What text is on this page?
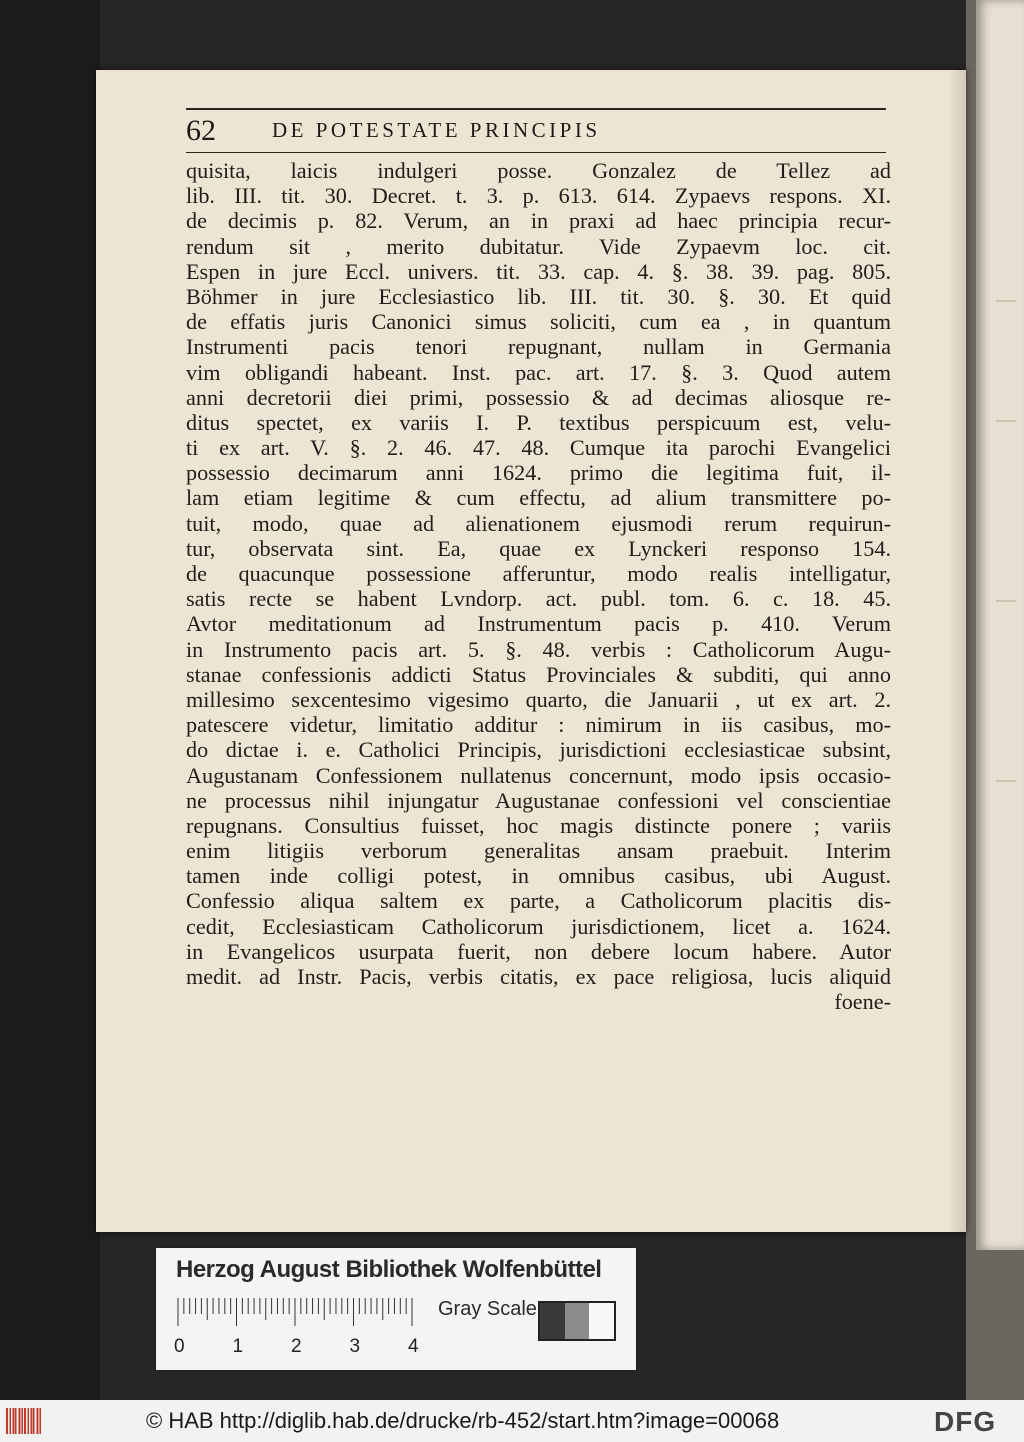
62	DE POTESTATE PRINCIPIS
quisita, laicis indulgeri posse. Gonzalez de Tellez ad
lib. III. tit. 30. Decret. t. 3. p. 613. 614. Zypaevs respons. XI.
de decimis p. 82. Verum, an in praxi ad haec principia recur-
rendum sit , merito dubitatur. Vide Zypaevm loc. cit.
Espen in jure Eccl. univers. tit. 33. cap. 4. §. 38. 39. pag. 805.
Böhmer in jure Ecclesiastico lib. III. tit. 30. §. 30. Et quid
de effatis juris Canonici simus soliciti, cum ea , in quantum
Instrumenti pacis tenori repugnant, nullam in Germania
vim obligandi habeant. Inst. pac. art. 17. §. 3. Quod autem
anni decretorii diei primi, possessio & ad decimas aliosque re-
ditus spectet, ex variis I. P. textibus perspicuum est, velu-
ti ex art. V. §. 2. 46. 47. 48. Cumque ita parochi Evangelici
possessio decimarum anni 1624. primo die legitima fuit, il-
lam etiam legitime & cum effectu, ad alium transmittere po-
tuit, modo, quae ad alienationem ejusmodi rerum requirun-
tur, observata sint. Ea, quae ex Lynckeri responso 154.
de quacunque possessione afferuntur, modo realis intelligatur,
satis recte se habent Lvndorp. act. publ. tom. 6. c. 18. 45.
Avtor meditationum ad Instrumentum pacis p. 410. Verum
in Instrumento pacis art. 5. §. 48. verbis : Catholicorum Augu-
stanae confessionis addicti Status Provinciales & subditi, qui anno
millesimo sexcentesimo vigesimo quarto, die Januarii , ut ex art. 2.
patescere videtur, limitatio additur : nimirum in iis casibus, mo-
do dictae i. e. Catholici Principis, jurisdictioni ecclesiasticae subsint,
Augustanam Confessionem nullatenus concernunt, modo ipsis occasio-
ne processus nihil injungatur Augustanae confessioni vel conscientiae
repugnans. Consultius fuisset, hoc magis distincte ponere ; variis
enim litigiis verborum generalitas ansam praebuit. Interim
tamen inde colligi potest, in omnibus casibus, ubi August.
Confessio aliqua saltem ex parte, a Catholicorum placitis dis-
cedit, Ecclesiasticam Catholicorum jurisdictionem, licet a. 1624.
in Evangelicos usurpata fuerit, non debere locum habere. Autor
medit. ad Instr. Pacis, verbis citatis, ex pace religiosa, lucis aliquid
foene-
Herzog August Bibliothek Wolfenbüttel
0	1	2	3	4
Gray Scale
© HAB http://diglib.hab.de/drucke/rb-452/start.htm?image=00068	DFG
